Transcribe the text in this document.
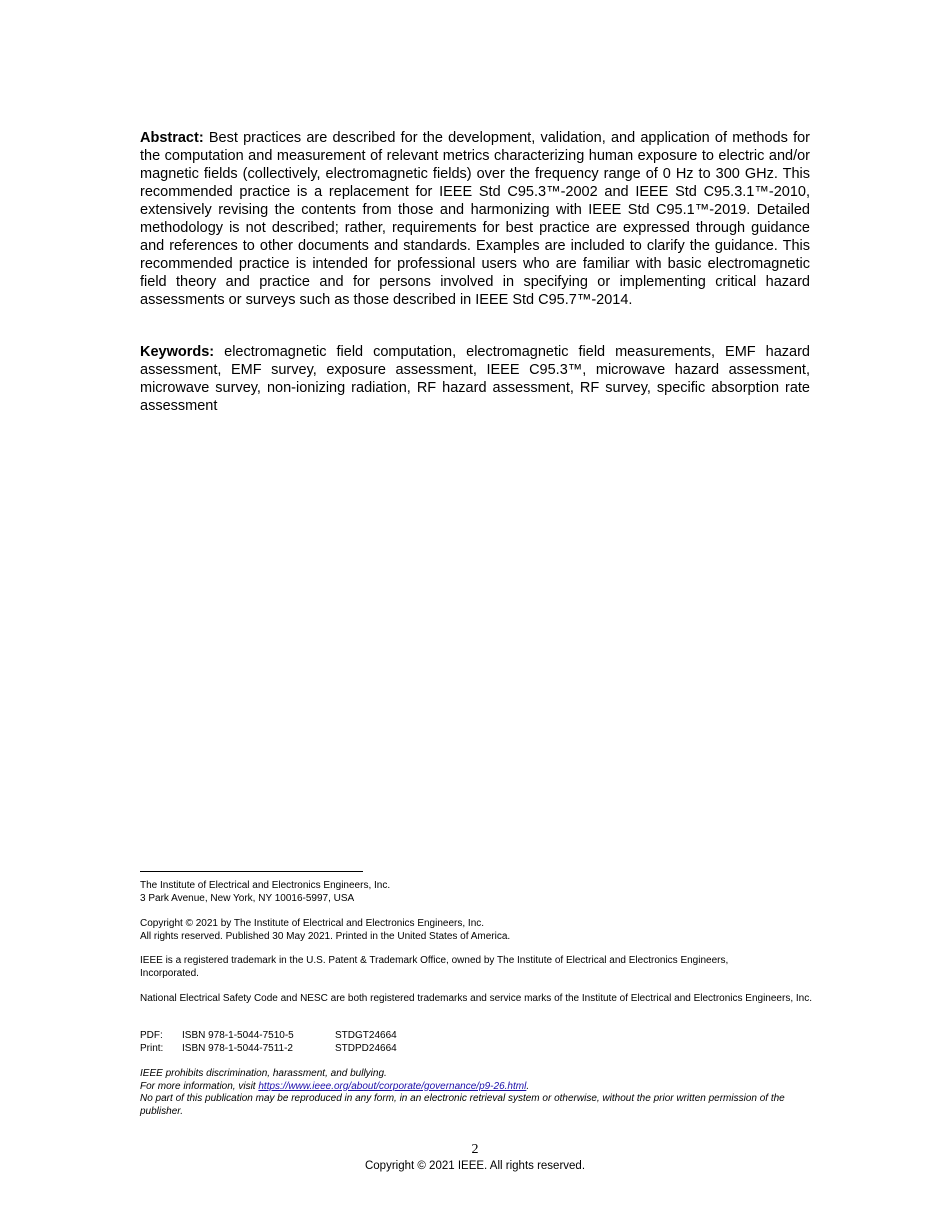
Abstract: Best practices are described for the development, validation, and application of methods for the computation and measurement of relevant metrics characterizing human exposure to electric and/or magnetic fields (collectively, electromagnetic fields) over the frequency range of 0 Hz to 300 GHz. This recommended practice is a replacement for IEEE Std C95.3™-2002 and IEEE Std C95.3.1™-2010, extensively revising the contents from those and harmonizing with IEEE Std C95.1™-2019. Detailed methodology is not described; rather, requirements for best practice are expressed through guidance and references to other documents and standards. Examples are included to clarify the guidance. This recommended practice is intended for professional users who are familiar with basic electromagnetic field theory and practice and for persons involved in specifying or implementing critical hazard assessments or surveys such as those described in IEEE Std C95.7™-2014.

Keywords: electromagnetic field computation, electromagnetic field measurements, EMF hazard assessment, EMF survey, exposure assessment, IEEE C95.3™, microwave hazard assessment, microwave survey, non-ionizing radiation, RF hazard assessment, RF survey, specific absorption rate assessment

The Institute of Electrical and Electronics Engineers, Inc.
3 Park Avenue, New York, NY 10016-5997, USA
Copyright © 2021 by The Institute of Electrical and Electronics Engineers, Inc.
All rights reserved. Published 30 May 2021. Printed in the United States of America.
IEEE is a registered trademark in the U.S. Patent & Trademark Office, owned by The Institute of Electrical and Electronics Engineers, Incorporated.
National Electrical Safety Code and NESC are both registered trademarks and service marks of the Institute of Electrical and Electronics Engineers, Inc.
PDF:	ISBN 978-1-5044-7510-5	STDGT24664
Print:	ISBN 978-1-5044-7511-2	STDPD24664
IEEE prohibits discrimination, harassment, and bullying.
For more information, visit https://www.ieee.org/about/corporate/governance/p9-26.html.
No part of this publication may be reproduced in any form, in an electronic retrieval system or otherwise, without the prior written permission of the publisher.
2
Copyright © 2021 IEEE. All rights reserved.
